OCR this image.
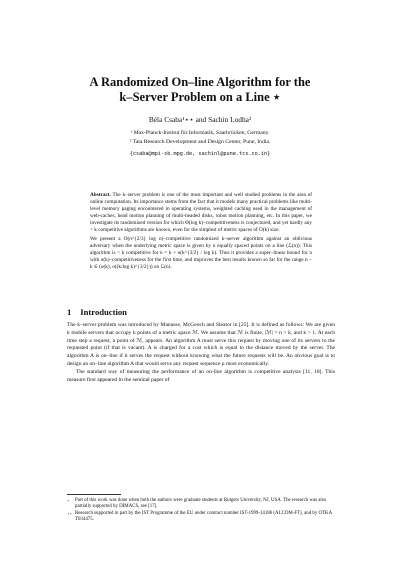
A Randomized On–line Algorithm for the
k–Server Problem on a Line ⋆
Béla Csaba¹⋆⋆ and Sachin Lodha²
¹ Max-Planck-Institut für Informatik, Saarbrücken, Germany.
² Tata Research Development and Design Center, Pune, India.
{csaba@mpi-sb.mpg.de, sachinl@pune.tcs.co.in}

Abstract. The k–server problem is one of the most important and well studied problems in the area of online computation. Its importance stems from the fact that it models many practical problems like multi-level memory paging encountered in operating systems, weighted caching used in the management of web-caches, head motion planning of multi-headed disks, robot motion planning, etc. In this paper, we investigate its randomized version for which Θ(log k)–competitiveness is conjectured, and yet hardly any < k competitive algorithms are known, even for the simplest of metric spaces of O(k) size.

We present a O(n^{2/3} log n)–competitive randomized k–server algorithm against an oblivious adversary when the underlying metric space is given by n equally spaced points on a line (ℒ(n)). This algorithm is < k competitive for n = k + o(k^{3/2} / log k). Thus it provides a super–linear bound for n with o(k)–competitiveness for the first time, and improves the best results known so far for the range n − k ∈ (o(k), o((k/log k)^{3/2})) on ℒ(n).

1 Introduction

The k–server problem was introduced by Manasse, McGeoch and Sleator in [25]. It is defined as follows: We are given k mobile servers that occupy k points of a metric space ℳ. We assume that ℳ is finite, |ℳ| = n > k, and k > 1. At each time step a request, a point of ℳ, appears. An algorithm A must serve this request by moving one of its servers to the requested point (if that is vacant). A is charged for a cost which is equal to the distance moved by the server. The algorithm A is on–line if it serves the request without knowing what the future requests will be. An obvious goal is to design an on–line algorithm A that would serve any request sequence ρ most economically.

The standard way of measuring the performance of an on-line algorithm is competitive analysis [11, 18]. This measure first appeared in the seminal paper of

⋆ Part of this work was done when both the authors were graduate students at Rutgers University, NJ, USA. The research was also partially supported by DIMACS, see [17].
⋆⋆ Research supported in part by the IST Programme of the EU under contract number IST-1999-14186 (ALCOM-FT), and by OTKA T034475.
